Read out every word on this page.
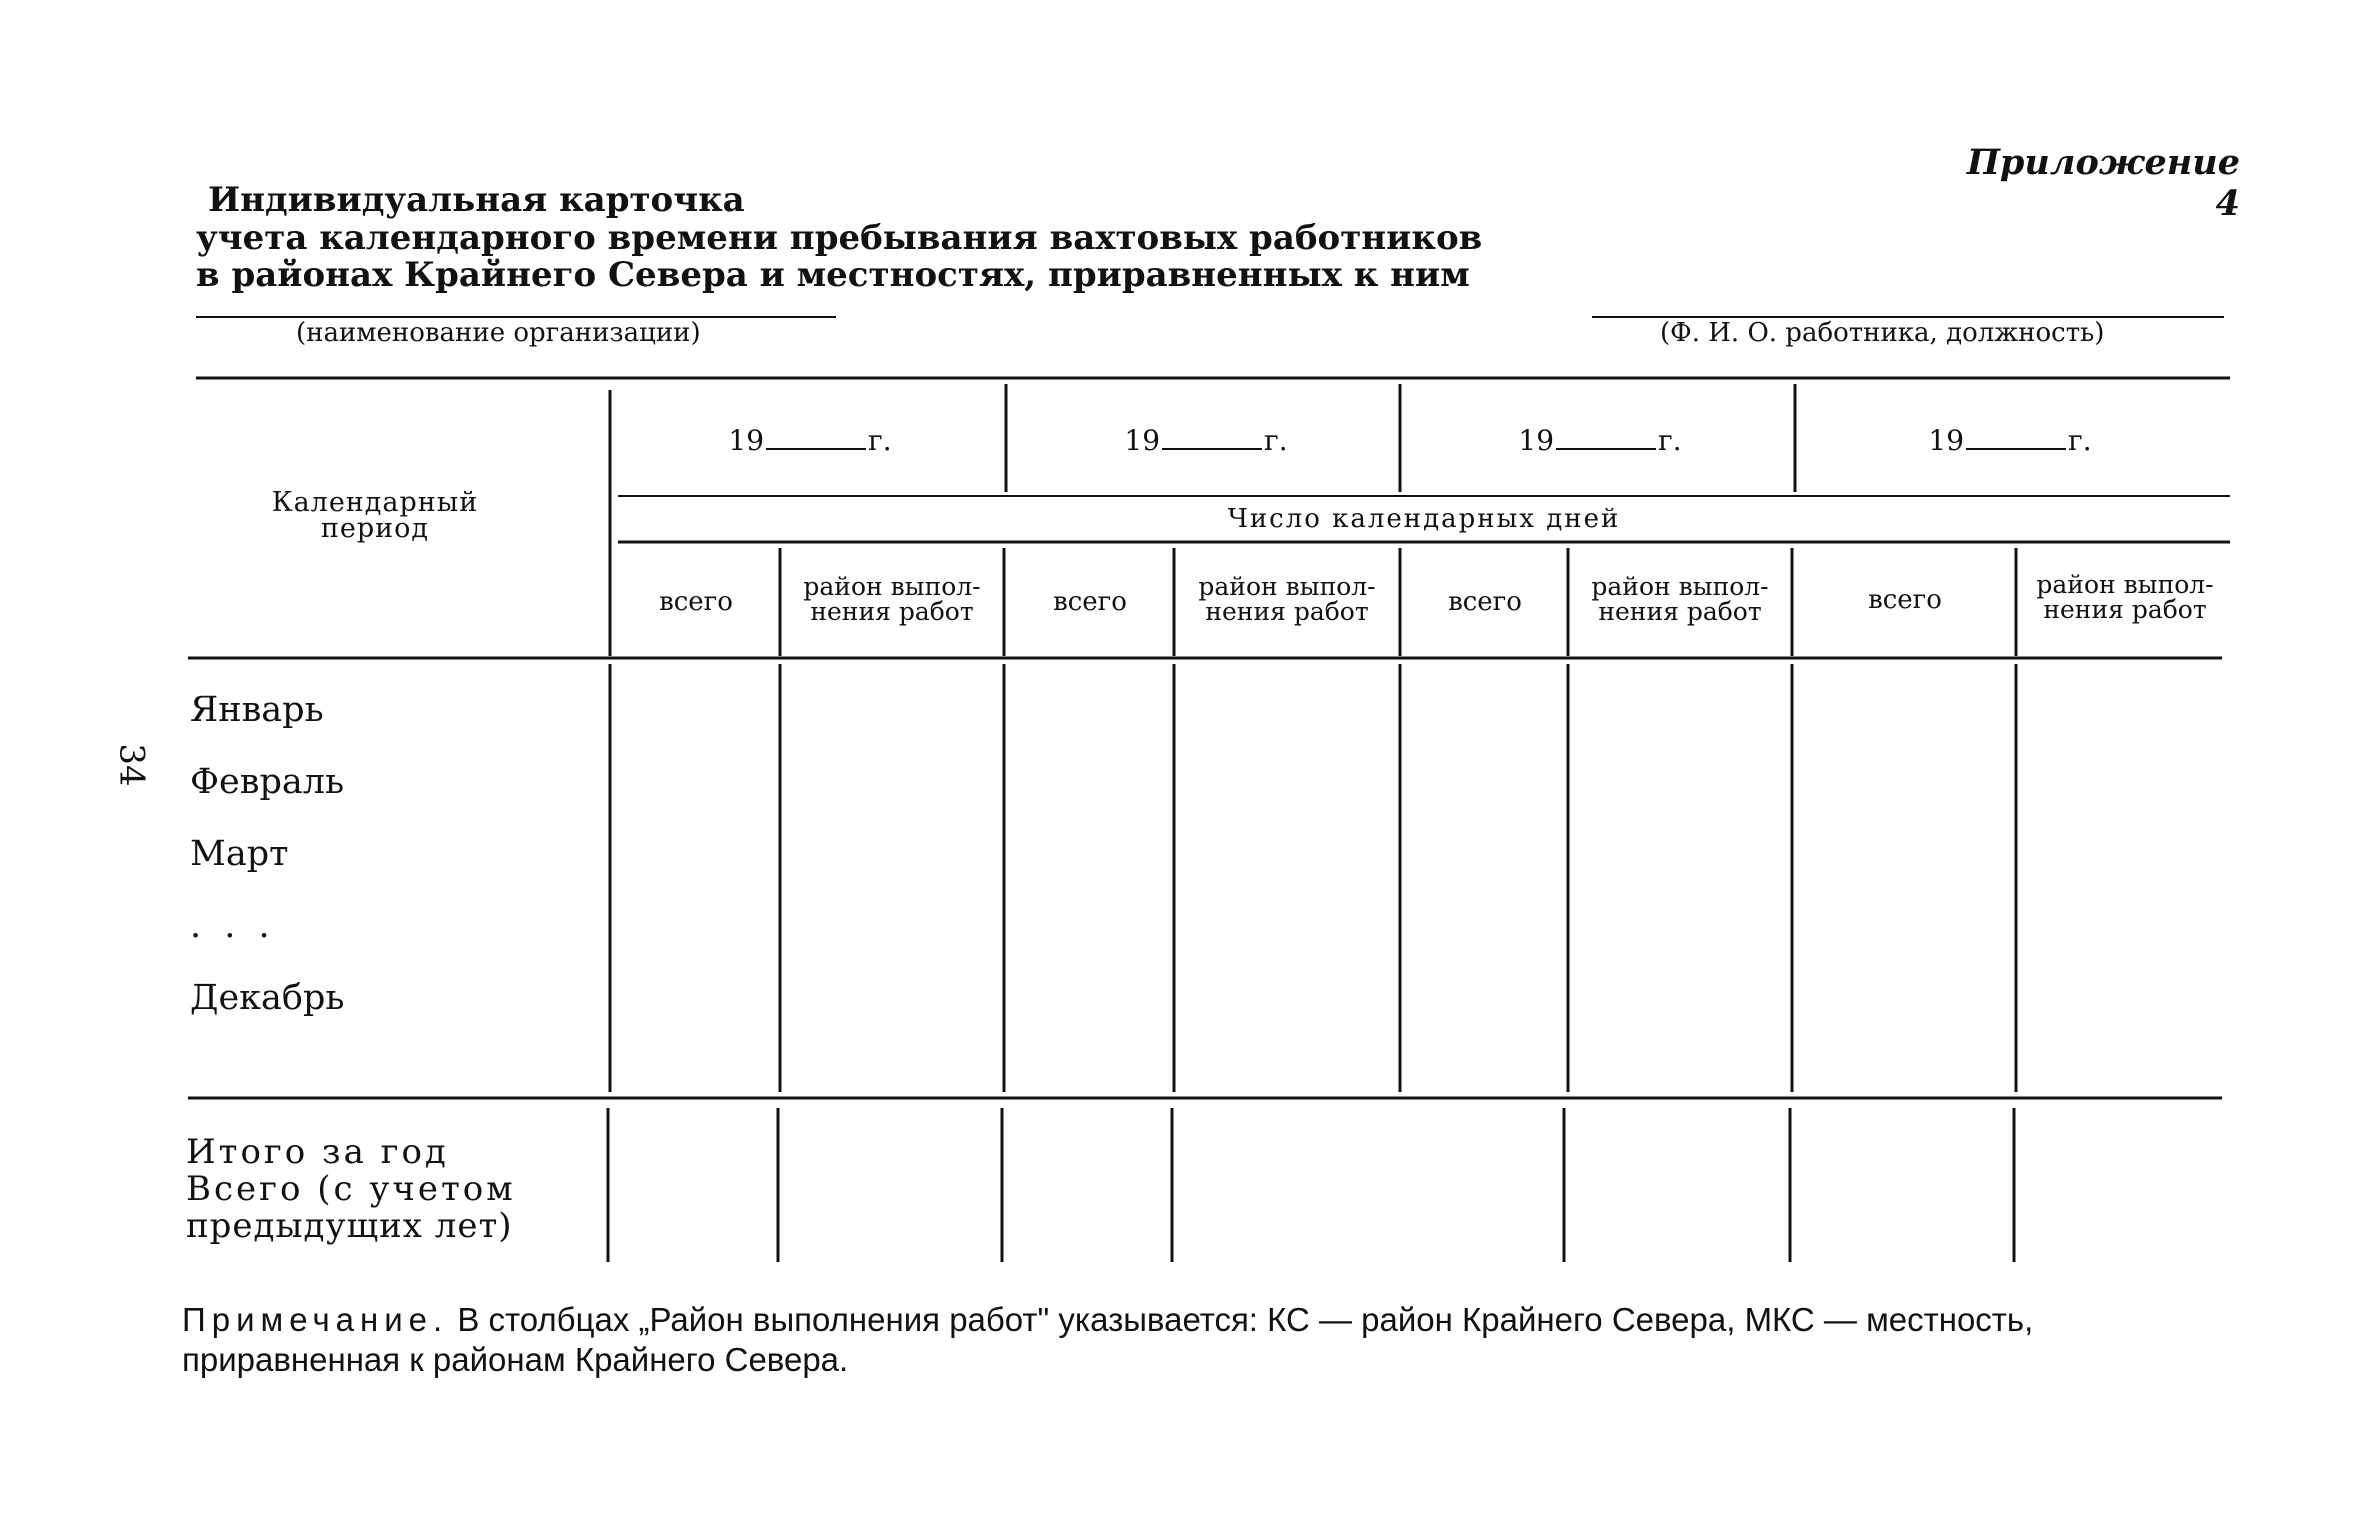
Приложение 4
Индивидуальная карточка
учета календарного времени пребывания вахтовых работников
в районах Крайнего Севера и местностях, приравненных к ним
(наименование организации)	(Ф. И. О. работника, должность)
34
Календарный период
19	г.	19	г.	19	г.	19	г.
Число календарных дней
всего
район выпол-
нения работ	всего
район выпол-
нения работ	всего
район выпол-
нения работ	всего
район выпол-
нения работ
Январь
Февраль
Март
. . .
Декабрь
Итого за год
Всего (с учетом
предыдущих лет)
Примечание. В столбцах „Район выполнения работ" указывается: КС — район Крайнего Севера, МКС — местность, приравненная к районам Крайнего Севера.
